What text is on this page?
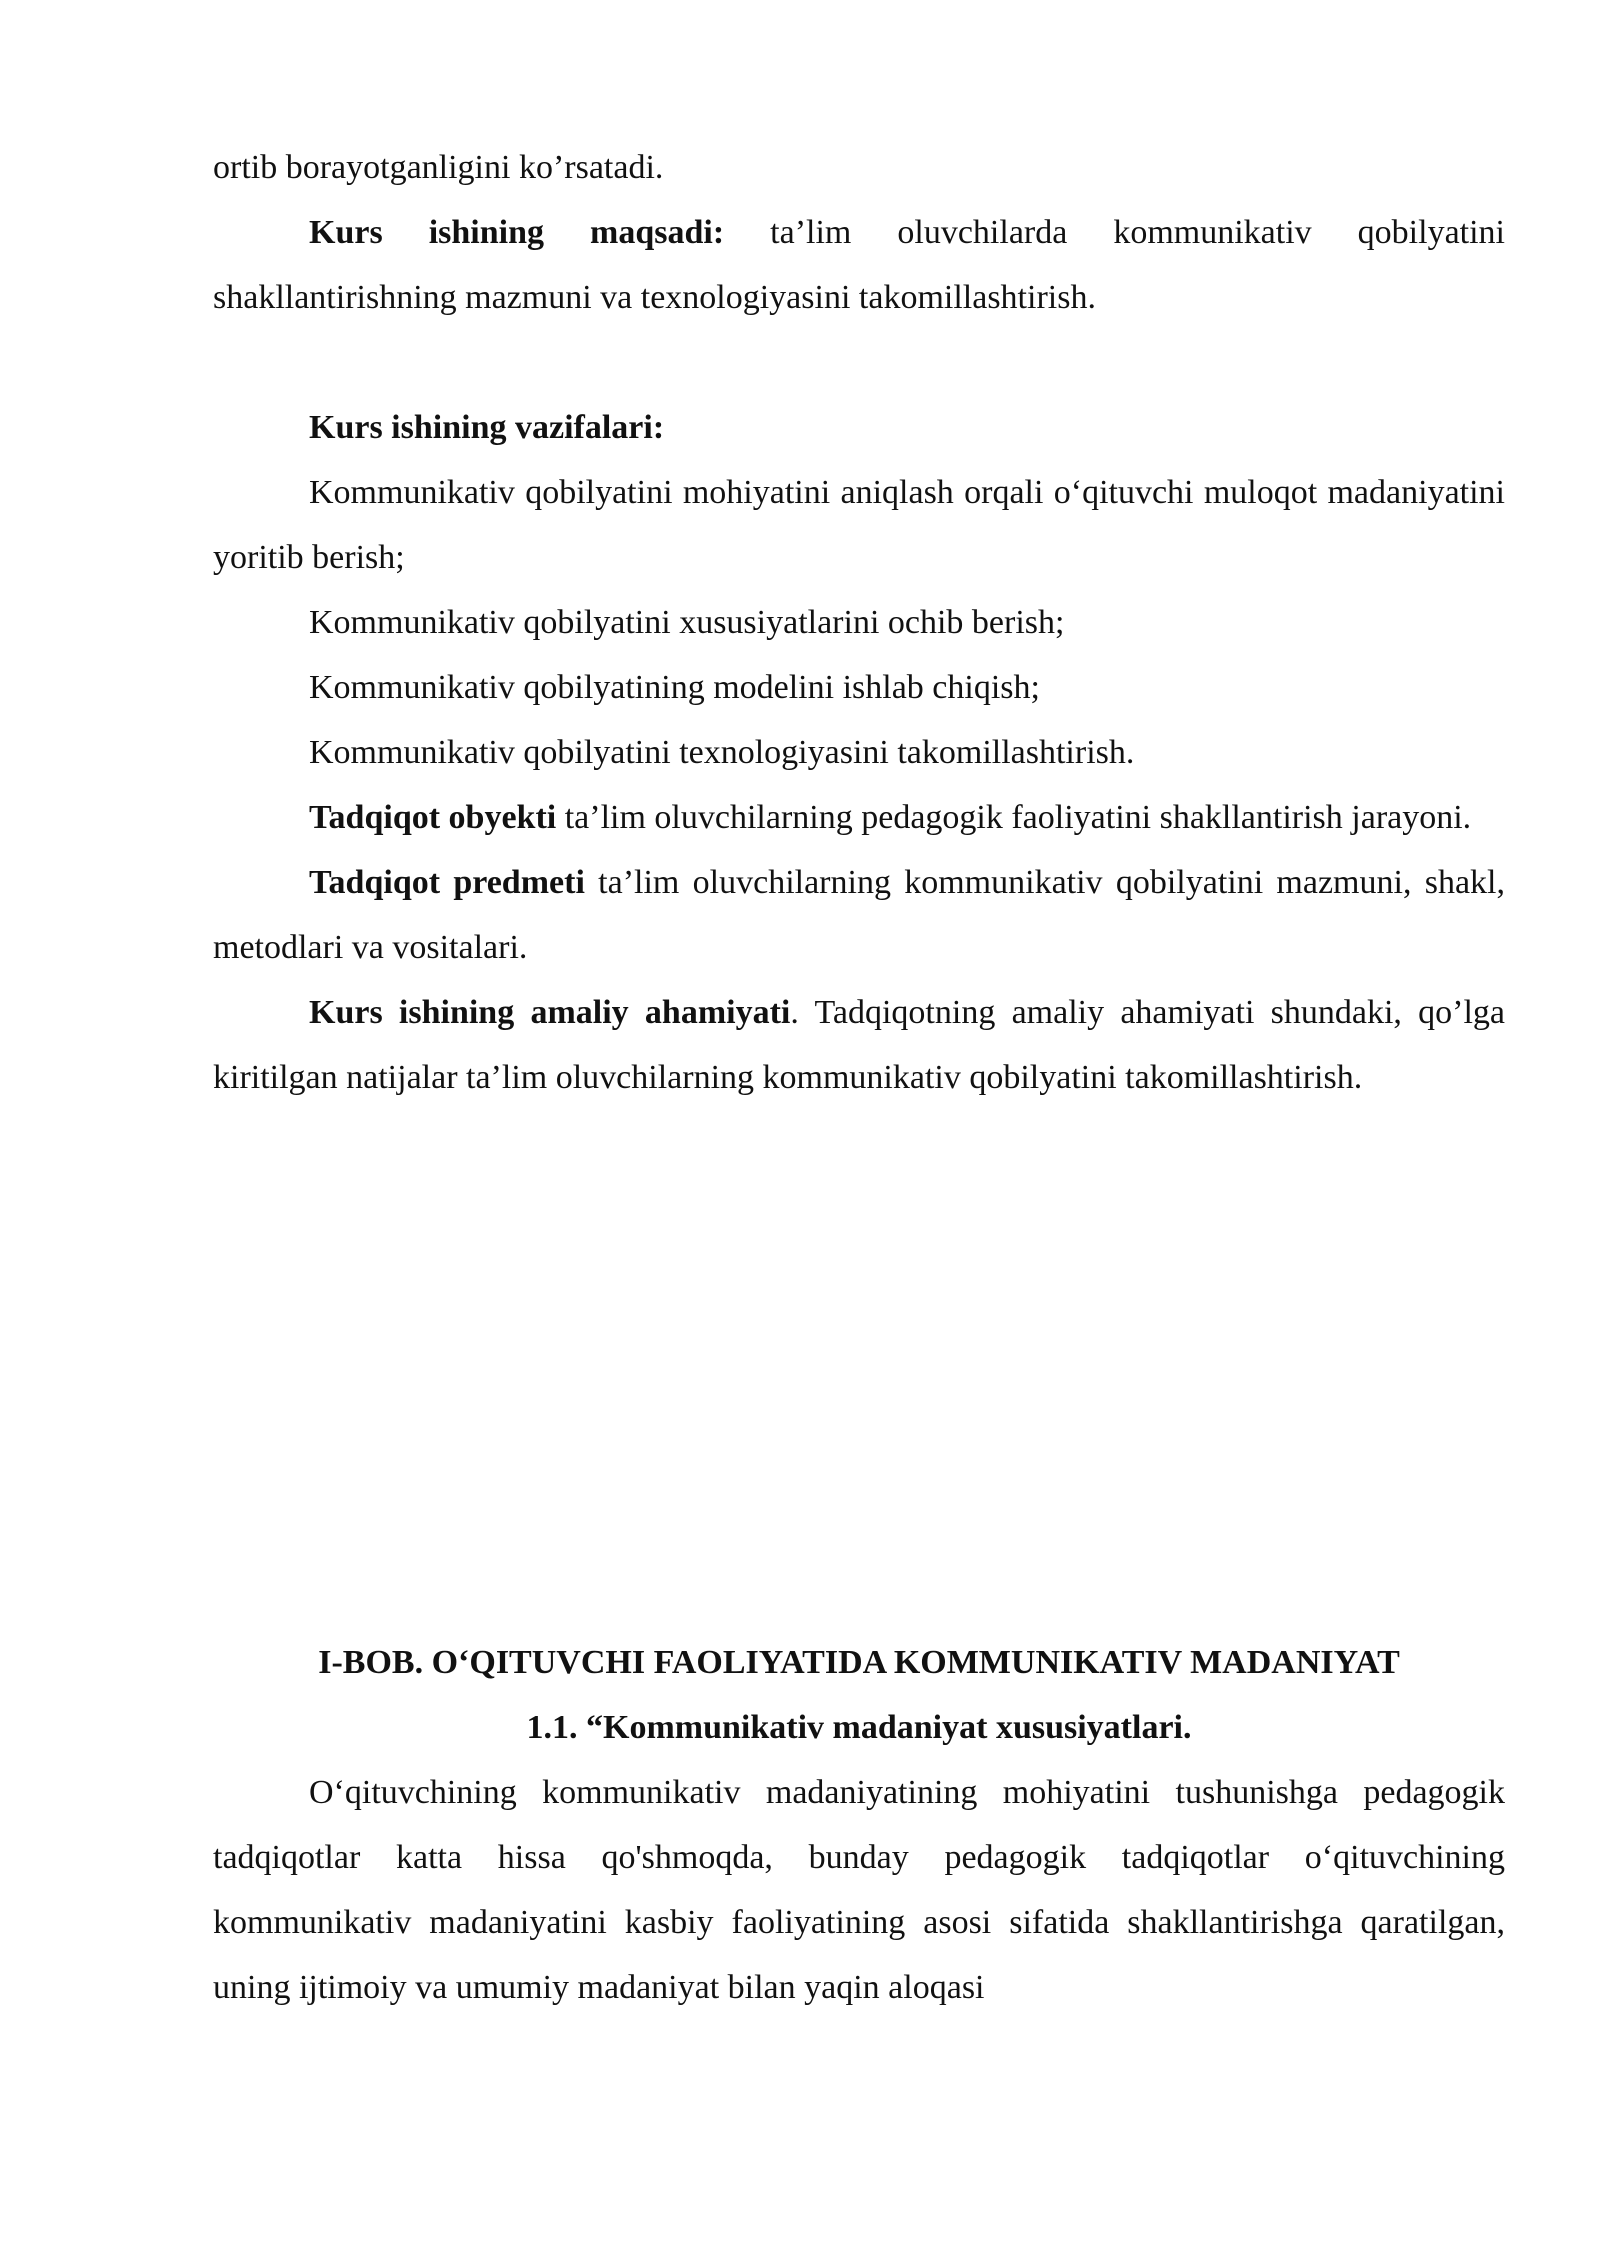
ortib borayotganligini ko’rsatadi.

Kurs ishining maqsadi: ta’lim oluvchilarda kommunikativ qobilyatini shakllantirishning mazmuni va texnologiyasini takomillashtirish.

Kurs ishining vazifalari:

Kommunikativ qobilyatini mohiyatini aniqlash orqali o‘qituvchi muloqot madaniyatini yoritib berish;

Kommunikativ qobilyatini xususiyatlarini ochib berish;

Kommunikativ qobilyatining modelini ishlab chiqish;

Kommunikativ qobilyatini texnologiyasini takomillashtirish.

Tadqiqot obyekti ta’lim oluvchilarning pedagogik faoliyatini shakllantirish jarayoni.

Tadqiqot predmeti ta’lim oluvchilarning kommunikativ qobilyatini mazmuni, shakl, metodlari va vositalari.

Kurs ishining amaliy ahamiyati. Tadqiqotning amaliy ahamiyati shundaki, qo’lga kiritilgan natijalar ta’lim oluvchilarning kommunikativ qobilyatini takomillashtirish.

I-BOB. O‘QITUVCHI FAOLIYATIDA KOMMUNIKATIV MADANIYAT

1.1. “Kommunikativ madaniyat xususiyatlari.

O‘qituvchining kommunikativ madaniyatining mohiyatini tushunishga pedagogik tadqiqotlar katta hissa qo'shmoqda, bunday pedagogik tadqiqotlar o‘qituvchining kommunikativ madaniyatini kasbiy faoliyatining asosi sifatida shakllantirishga qaratilgan, uning ijtimoiy va umumiy madaniyat bilan yaqin aloqasi
